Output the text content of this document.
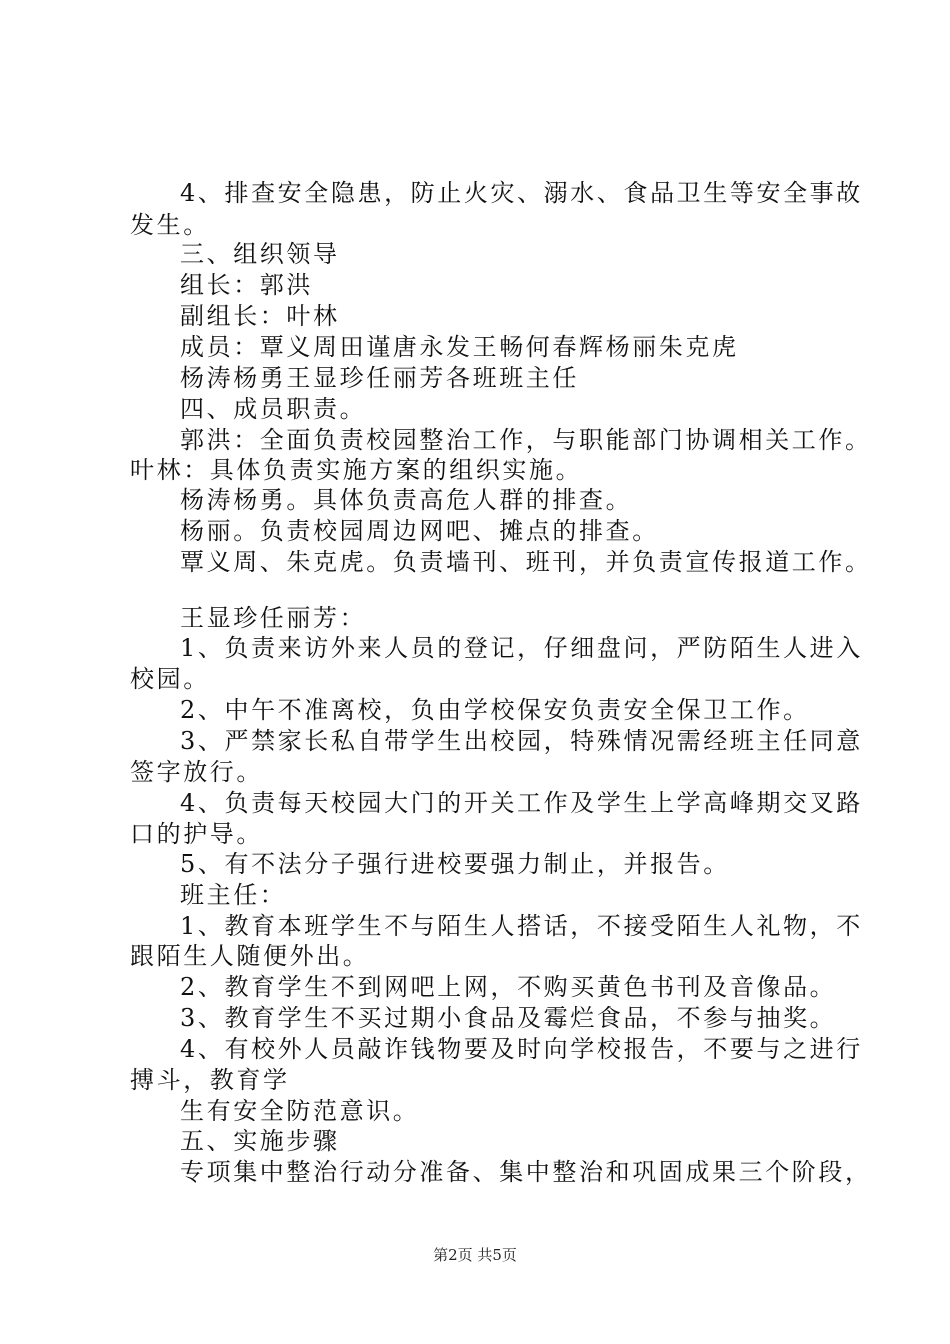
4、排查安全隐患，防止火灾、溺水、食品卫生等安全事故
发生。
三、组织领导
组长：郭洪
副组长：叶林
成员：覃义周田谨唐永发王畅何春辉杨丽朱克虎
杨涛杨勇王显珍任丽芳各班班主任
四、成员职责。
郭洪：全面负责校园整治工作，与职能部门协调相关工作。
叶林：具体负责实施方案的组织实施。
杨涛杨勇。具体负责高危人群的排查。
杨丽。负责校园周边网吧、摊点的排查。
覃义周、朱克虎。负责墙刊、班刊，并负责宣传报道工作。
王显珍任丽芳：
1、负责来访外来人员的登记，仔细盘问，严防陌生人进入
校园。
2、中午不准离校，负由学校保安负责安全保卫工作。
3、严禁家长私自带学生出校园，特殊情况需经班主任同意
签字放行。
4、负责每天校园大门的开关工作及学生上学高峰期交叉路
口的护导。
5、有不法分子强行进校要强力制止，并报告。
班主任：
1、教育本班学生不与陌生人搭话，不接受陌生人礼物，不
跟陌生人随便外出。
2、教育学生不到网吧上网，不购买黄色书刊及音像品。
3、教育学生不买过期小食品及霉烂食品，不参与抽奖。
4、有校外人员敲诈钱物要及时向学校报告，不要与之进行
搏斗，教育学
生有安全防范意识。
五、实施步骤
专项集中整治行动分准备、集中整治和巩固成果三个阶段，
第2页 共5页
